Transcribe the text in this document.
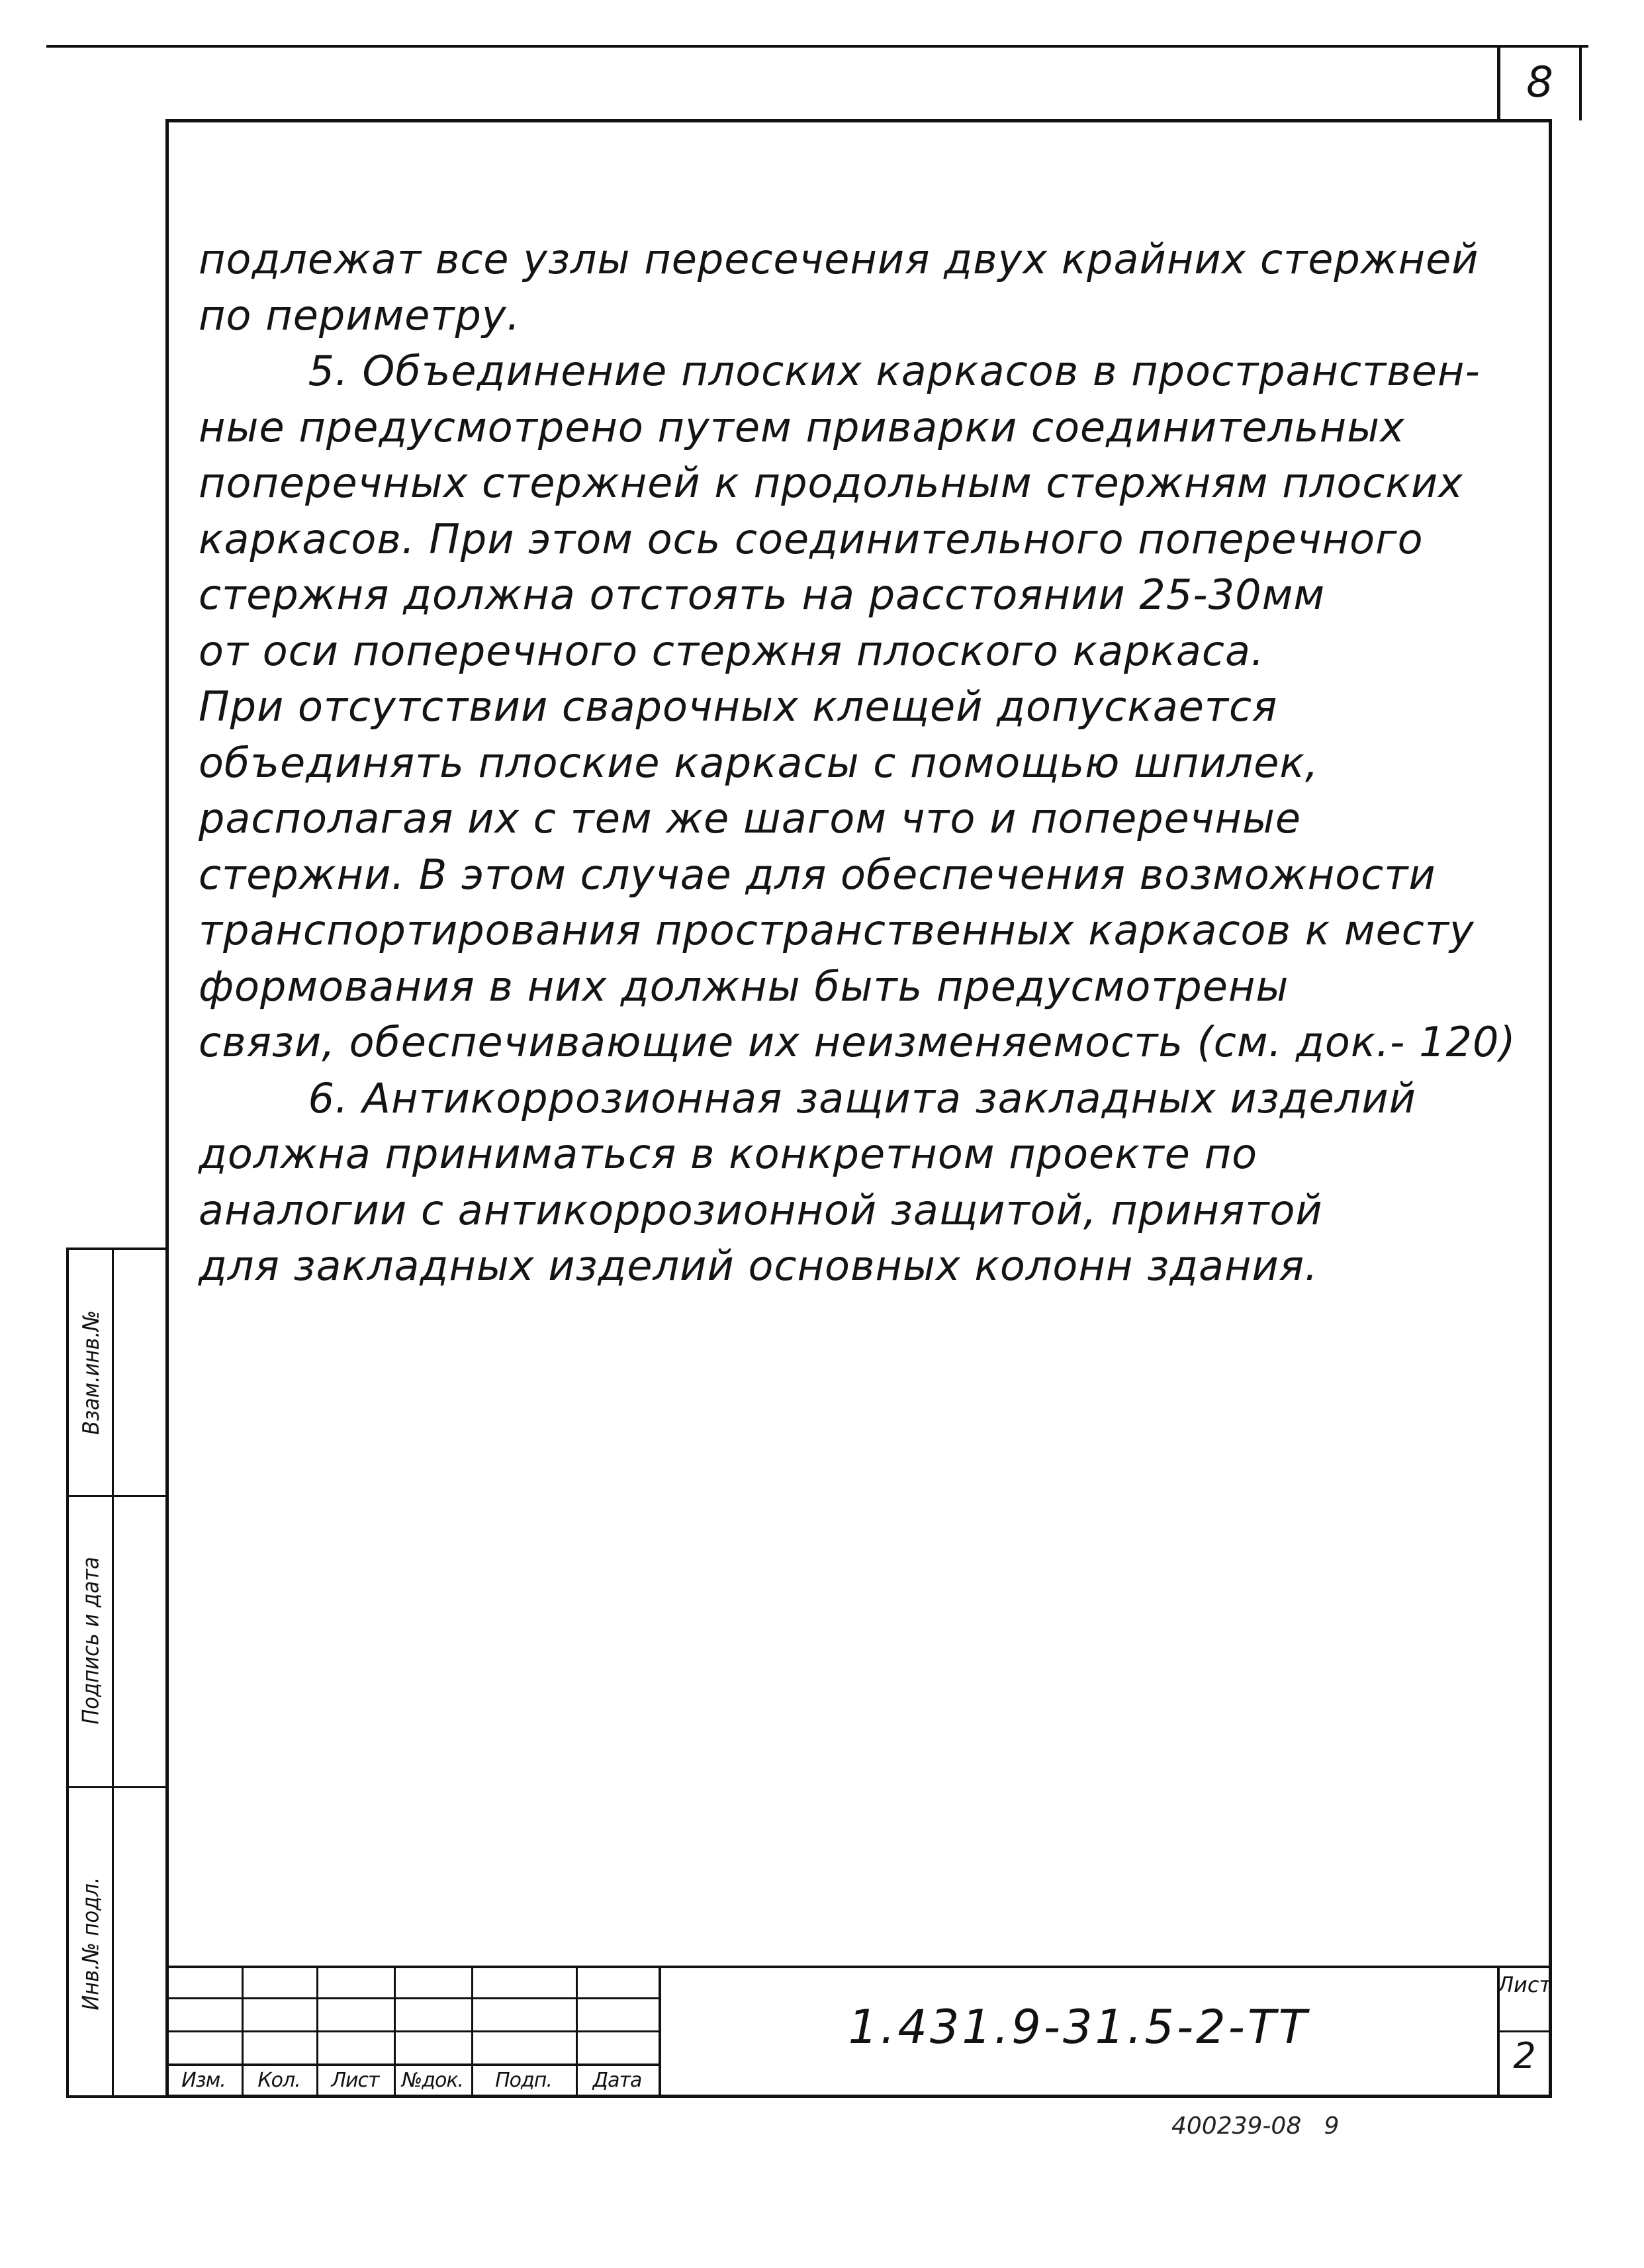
8
подлежат все узлы пересечения двух крайних стержней
по периметру.
5. Объединение плоских каркасов в пространствен-
ные предусмотрено путем приварки соединительных
поперечных стержней к продольным стержням плоских
каркасов. При этом ось соединительного поперечного
стержня должна отстоять на расстоянии 25-30мм
от оси поперечного стержня плоского каркаса.
При отсутствии сварочных клещей допускается
объединять плоские каркасы с помощью шпилек,
располагая их с тем же шагом что и поперечные
стержни. В этом случае для обеспечения возможности
транспортирования пространственных каркасов к месту
формования в них должны быть предусмотрены
связи, обеспечивающие их неизменяемость (см. док.- 120)
6. Антикоррозионная защита закладных изделий
должна приниматься в конкретном проекте по
аналогии с антикоррозионной защитой, принятой
для закладных изделий основных колонн здания.
Взам.инв.№
Подпись и дата
Инв.№ подл.
Изм.	Кол.	Лист	№док.	Подп.	Дата
1.431.9-31.5-2-ТТ
Лист
2
400239-08   9
